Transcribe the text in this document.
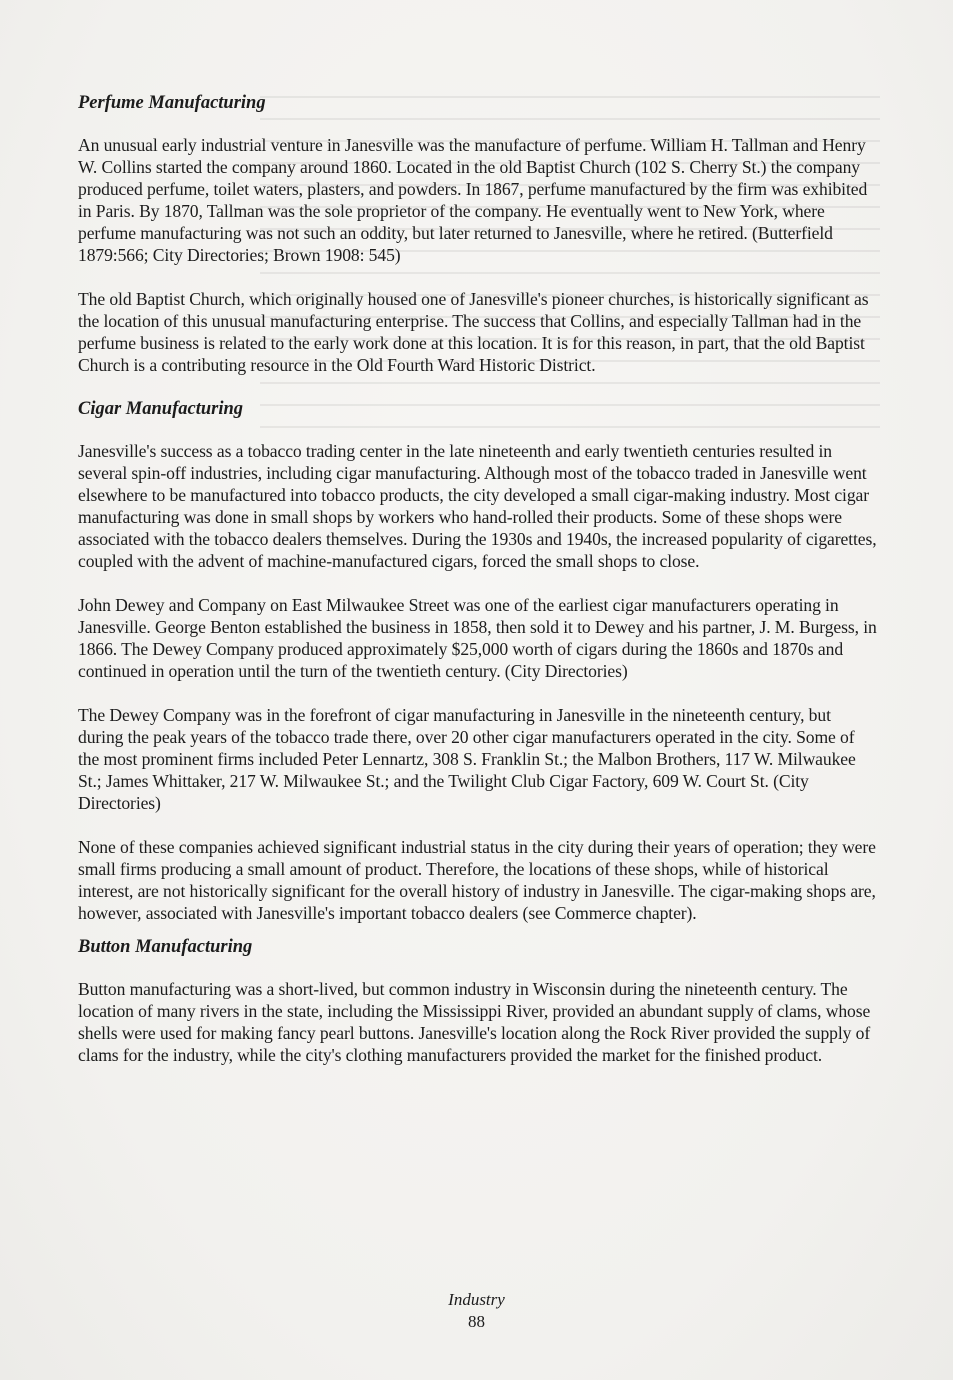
Perfume Manufacturing

An unusual early industrial venture in Janesville was the manufacture of perfume. William H. Tallman and Henry W. Collins started the company around 1860. Located in the old Baptist Church (102 S. Cherry St.) the company produced perfume, toilet waters, plasters, and powders. In 1867, perfume manufactured by the firm was exhibited in Paris. By 1870, Tallman was the sole proprietor of the company. He eventually went to New York, where perfume manufacturing was not such an oddity, but later returned to Janesville, where he retired. (Butterfield 1879:566; City Directories; Brown 1908: 545)

The old Baptist Church, which originally housed one of Janesville's pioneer churches, is historically significant as the location of this unusual manufacturing enterprise. The success that Collins, and especially Tallman had in the perfume business is related to the early work done at this location. It is for this reason, in part, that the old Baptist Church is a contributing resource in the Old Fourth Ward Historic District.

Cigar Manufacturing

Janesville's success as a tobacco trading center in the late nineteenth and early twentieth centuries resulted in several spin-off industries, including cigar manufacturing. Although most of the tobacco traded in Janesville went elsewhere to be manufactured into tobacco products, the city developed a small cigar-making industry. Most cigar manufacturing was done in small shops by workers who hand-rolled their products. Some of these shops were associated with the tobacco dealers themselves. During the 1930s and 1940s, the increased popularity of cigarettes, coupled with the advent of machine-manufactured cigars, forced the small shops to close.

John Dewey and Company on East Milwaukee Street was one of the earliest cigar manufacturers operating in Janesville. George Benton established the business in 1858, then sold it to Dewey and his partner, J. M. Burgess, in 1866. The Dewey Company produced approximately $25,000 worth of cigars during the 1860s and 1870s and continued in operation until the turn of the twentieth century. (City Directories)

The Dewey Company was in the forefront of cigar manufacturing in Janesville in the nineteenth century, but during the peak years of the tobacco trade there, over 20 other cigar manufacturers operated in the city. Some of the most prominent firms included Peter Lennartz, 308 S. Franklin St.; the Malbon Brothers, 117 W. Milwaukee St.; James Whittaker, 217 W. Milwaukee St.; and the Twilight Club Cigar Factory, 609 W. Court St. (City Directories)

None of these companies achieved significant industrial status in the city during their years of operation; they were small firms producing a small amount of product. Therefore, the locations of these shops, while of historical interest, are not historically significant for the overall history of industry in Janesville. The cigar-making shops are, however, associated with Janesville's important tobacco dealers (see Commerce chapter).

Button Manufacturing

Button manufacturing was a short-lived, but common industry in Wisconsin during the nineteenth century. The location of many rivers in the state, including the Mississippi River, provided an abundant supply of clams, whose shells were used for making fancy pearl buttons. Janesville's location along the Rock River provided the supply of clams for the industry, while the city's clothing manufacturers provided the market for the finished product.

Industry
88
